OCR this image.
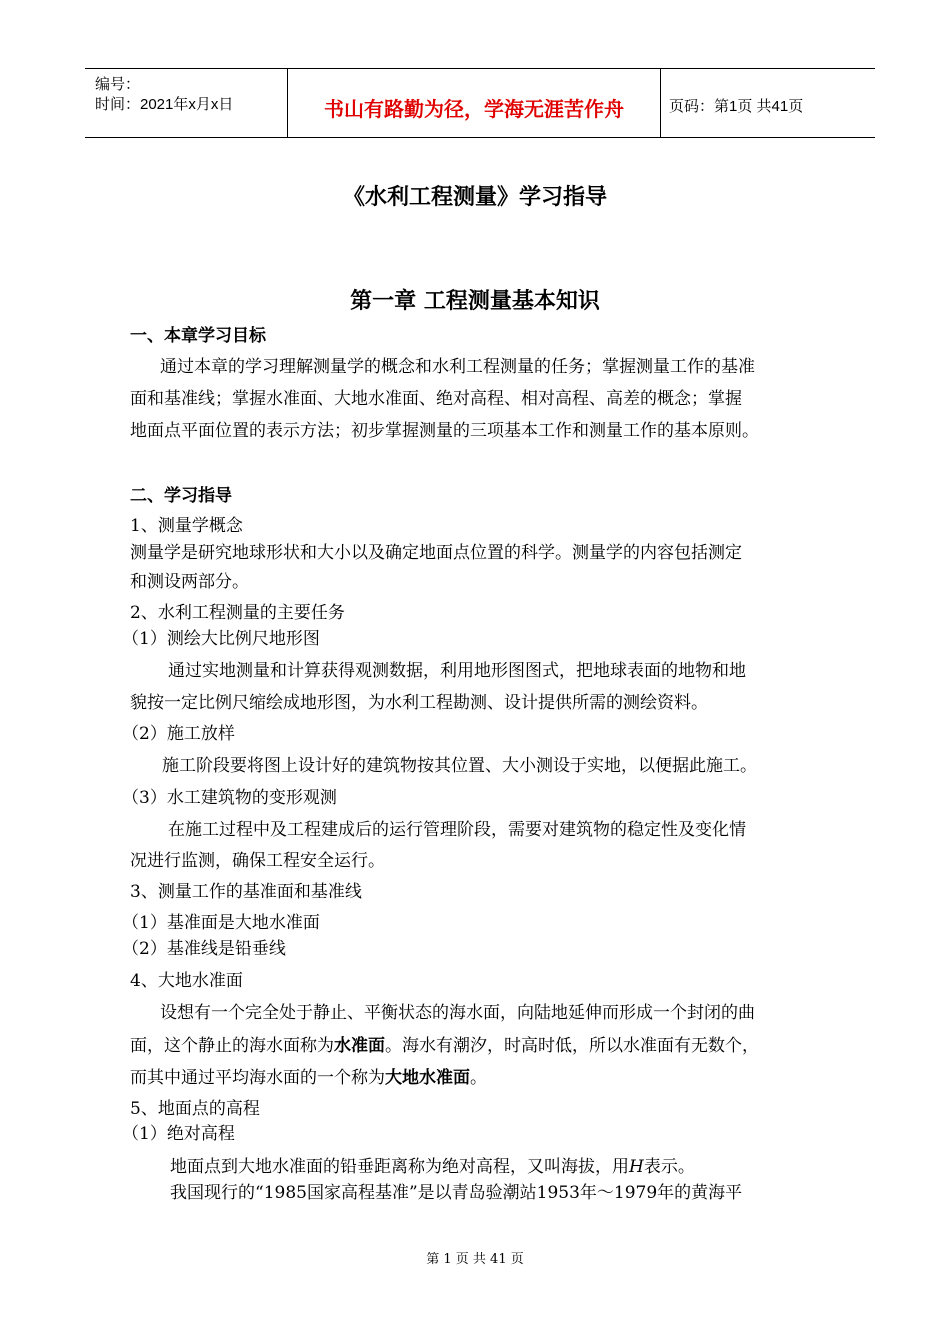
编号：
时间：2021年x月x日	书山有路勤为径，学海无涯苦作舟	页码：第1页 共41页
《水利工程测量》学习指导
第一章 工程测量基本知识
一、本章学习目标
通过本章的学习理解测量学的概念和水利工程测量的任务；掌握测量工作的基准
面和基准线；掌握水准面、大地水准面、绝对高程、相对高程、高差的概念；掌握
地面点平面位置的表示方法；初步掌握测量的三项基本工作和测量工作的基本原则。
二、学习指导
1、测量学概念
测量学是研究地球形状和大小以及确定地面点位置的科学。测量学的内容包括测定
和测设两部分。
2、水利工程测量的主要任务
（1）测绘大比例尺地形图
通过实地测量和计算获得观测数据，利用地形图图式，把地球表面的地物和地
貌按一定比例尺缩绘成地形图，为水利工程勘测、设计提供所需的测绘资料。
（2）施工放样
施工阶段要将图上设计好的建筑物按其位置、大小测设于实地，以便据此施工。
（3）水工建筑物的变形观测
在施工过程中及工程建成后的运行管理阶段，需要对建筑物的稳定性及变化情
况进行监测，确保工程安全运行。
3、测量工作的基准面和基准线
（1）基准面是大地水准面
（2）基准线是铅垂线
4、大地水准面
设想有一个完全处于静止、平衡状态的海水面，向陆地延伸而形成一个封闭的曲
面，这个静止的海水面称为水准面。海水有潮汐，时高时低，所以水准面有无数个，
而其中通过平均海水面的一个称为大地水准面。
5、地面点的高程
（1）绝对高程
地面点到大地水准面的铅垂距离称为绝对高程，又叫海拔，用H表示。
我国现行的“1985国家高程基准”是以青岛验潮站1953年～1979年的黄海平
第 1 页 共 41 页
